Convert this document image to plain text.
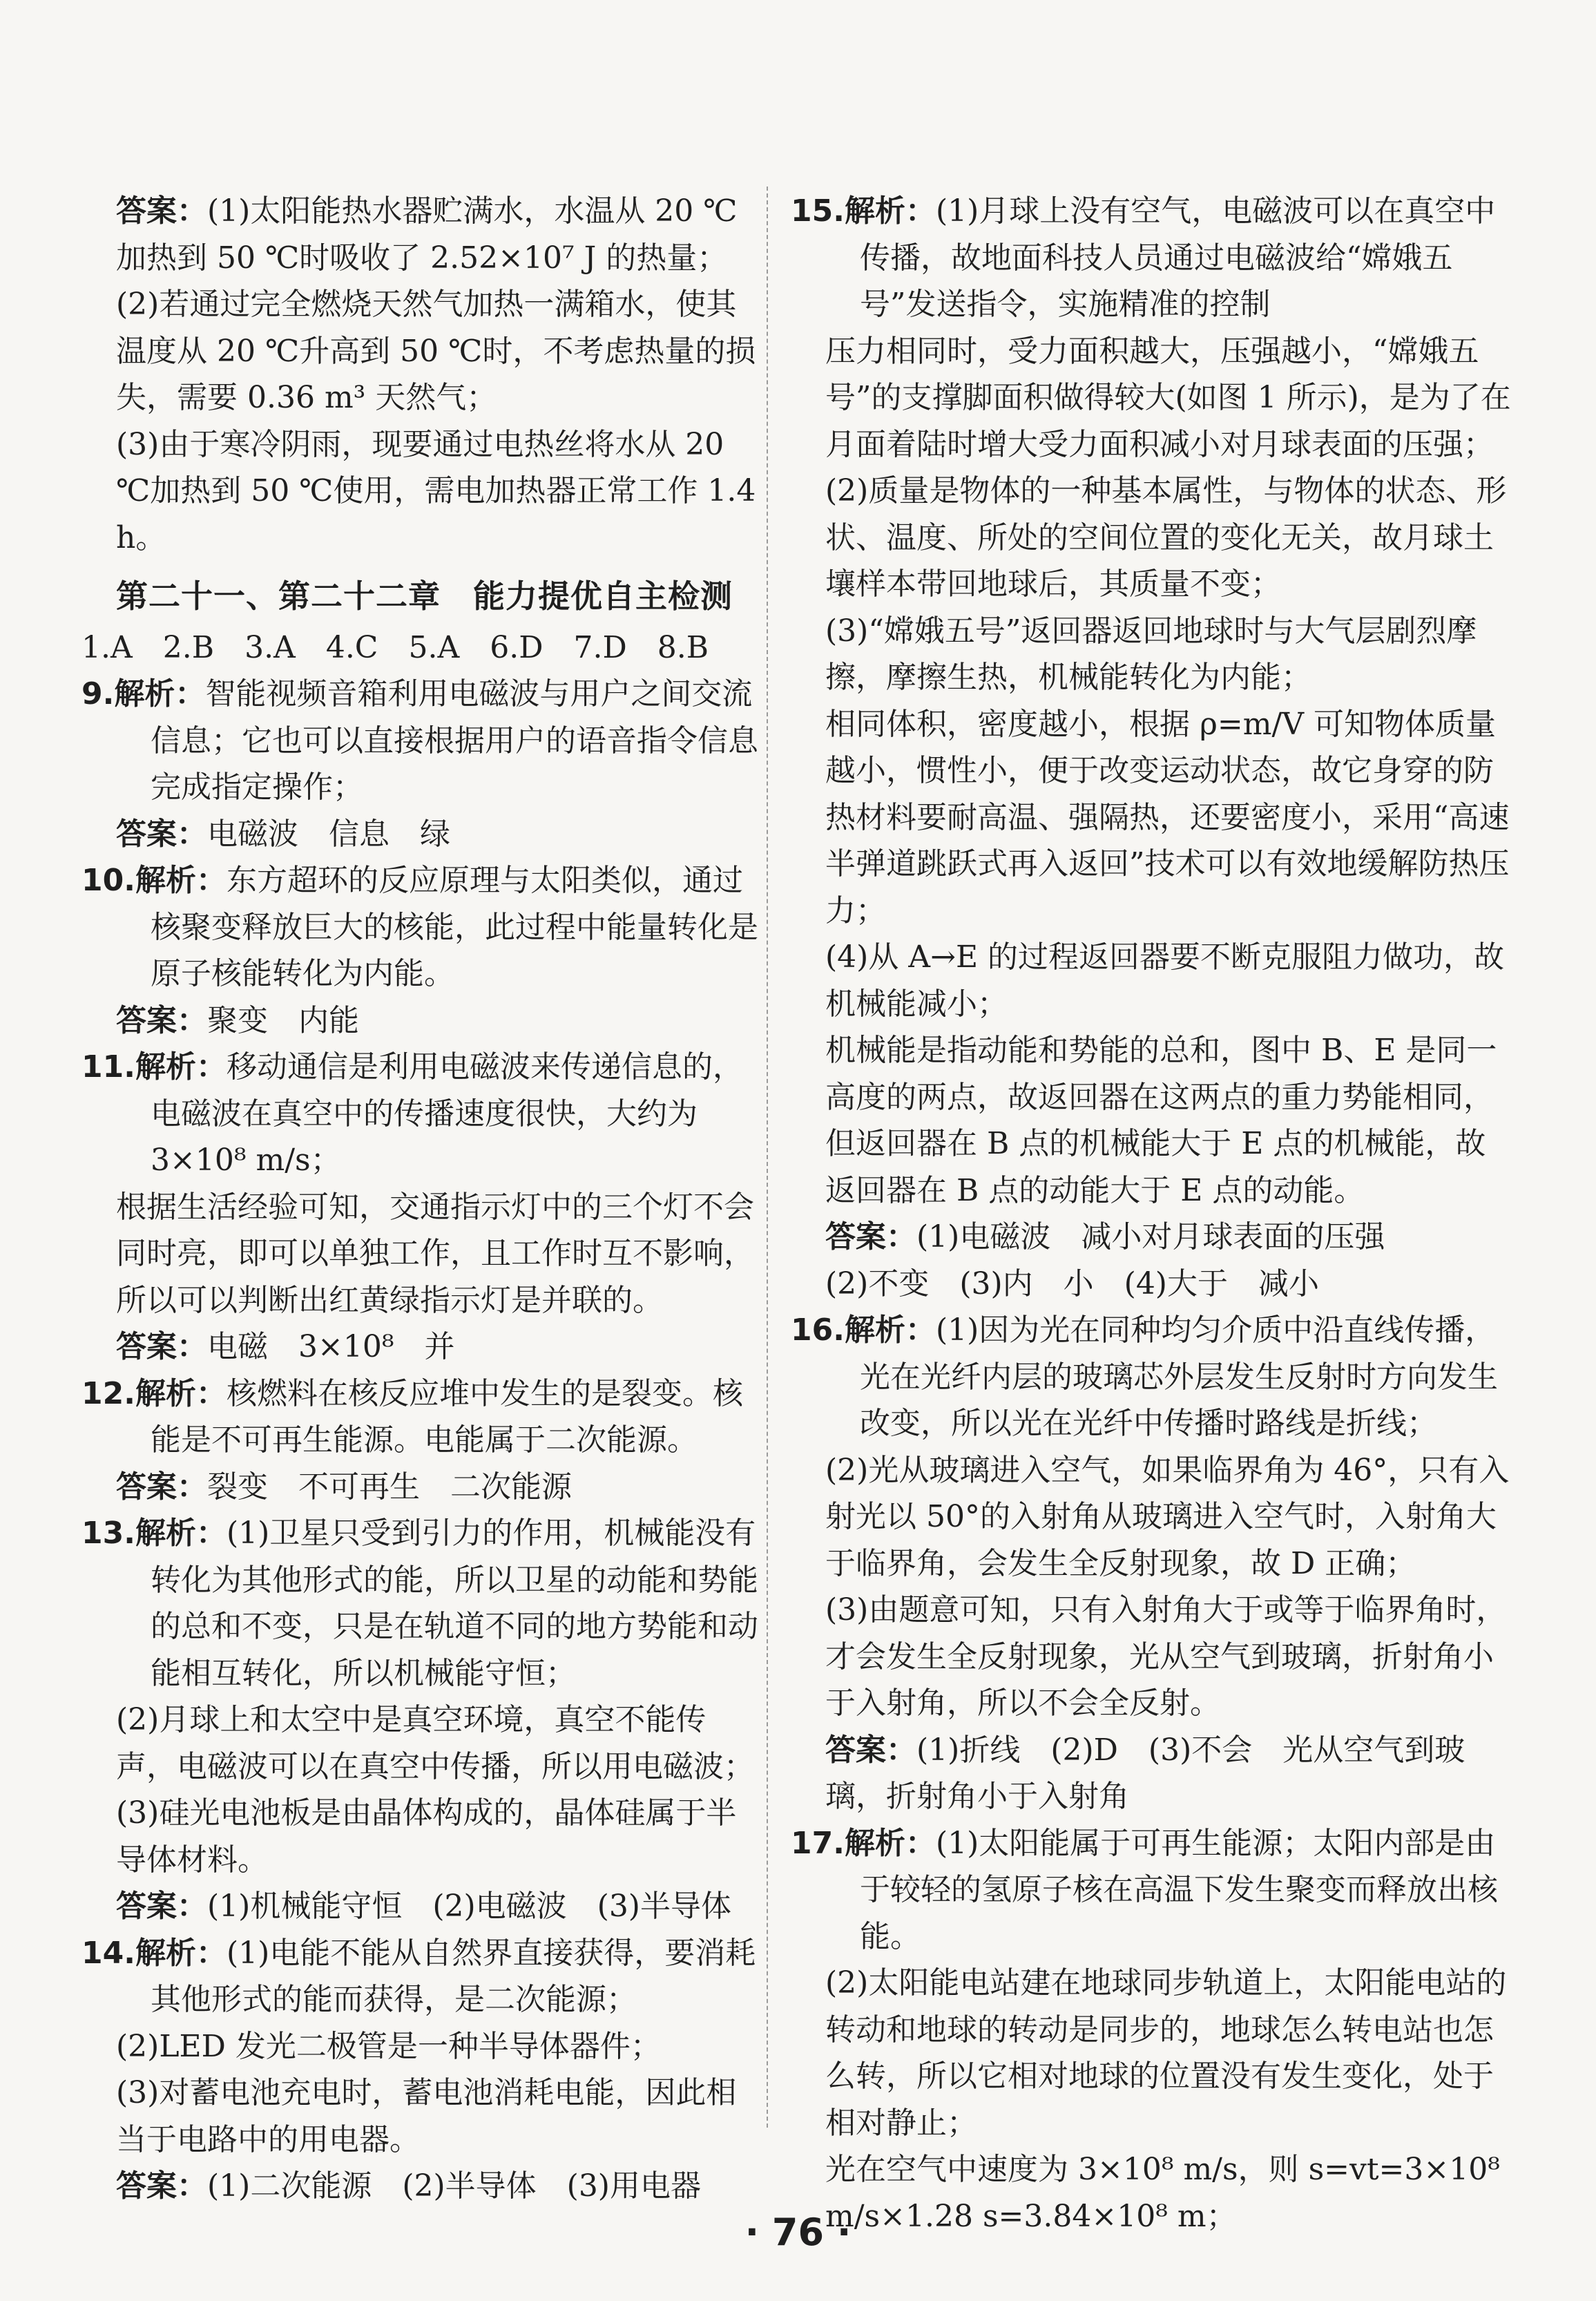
答案：(1)太阳能热水器贮满水，水温从 20 ℃加热到 50 ℃时吸收了 2.52×10⁷ J 的热量；

(2)若通过完全燃烧天然气加热一满箱水，使其温度从 20 ℃升高到 50 ℃时，不考虑热量的损失，需要 0.36 m³ 天然气；

(3)由于寒冷阴雨，现要通过电热丝将水从 20 ℃加热到 50 ℃使用，需电加热器正常工作 1.4 h。

第二十一、第二十二章　能力提优自主检测

1.A　2.B　3.A　4.C　5.A　6.D　7.D　8.B

9.解析：智能视频音箱利用电磁波与用户之间交流信息；它也可以直接根据用户的语音指令信息完成指定操作；

答案：电磁波　信息　绿

10.解析：东方超环的反应原理与太阳类似，通过核聚变释放巨大的核能，此过程中能量转化是原子核能转化为内能。

答案：聚变　内能

11.解析：移动通信是利用电磁波来传递信息的，电磁波在真空中的传播速度很快，大约为 3×10⁸ m/s；

根据生活经验可知，交通指示灯中的三个灯不会同时亮，即可以单独工作，且工作时互不影响，所以可以判断出红黄绿指示灯是并联的。

答案：电磁　3×10⁸　并

12.解析：核燃料在核反应堆中发生的是裂变。核能是不可再生能源。电能属于二次能源。

答案：裂变　不可再生　二次能源

13.解析：(1)卫星只受到引力的作用，机械能没有转化为其他形式的能，所以卫星的动能和势能的总和不变，只是在轨道不同的地方势能和动能相互转化，所以机械能守恒；

(2)月球上和太空中是真空环境，真空不能传声，电磁波可以在真空中传播，所以用电磁波；

(3)硅光电池板是由晶体构成的，晶体硅属于半导体材料。

答案：(1)机械能守恒　(2)电磁波　(3)半导体

14.解析：(1)电能不能从自然界直接获得，要消耗其他形式的能而获得，是二次能源；

(2)LED 发光二极管是一种半导体器件；

(3)对蓄电池充电时，蓄电池消耗电能，因此相当于电路中的用电器。

答案：(1)二次能源　(2)半导体　(3)用电器

15.解析：(1)月球上没有空气，电磁波可以在真空中传播，故地面科技人员通过电磁波给“嫦娥五号”发送指令，实施精准的控制

压力相同时，受力面积越大，压强越小，“嫦娥五号”的支撑脚面积做得较大(如图 1 所示)，是为了在月面着陆时增大受力面积减小对月球表面的压强；

(2)质量是物体的一种基本属性，与物体的状态、形状、温度、所处的空间位置的变化无关，故月球土壤样本带回地球后，其质量不变；

(3)“嫦娥五号”返回器返回地球时与大气层剧烈摩擦，摩擦生热，机械能转化为内能；

相同体积，密度越小，根据 ρ=m/V 可知物体质量越小，惯性小，便于改变运动状态，故它身穿的防热材料要耐高温、强隔热，还要密度小，采用“高速半弹道跳跃式再入返回”技术可以有效地缓解防热压力；

(4)从 A→E 的过程返回器要不断克服阻力做功，故机械能减小；

机械能是指动能和势能的总和，图中 B、E 是同一高度的两点，故返回器在这两点的重力势能相同，但返回器在 B 点的机械能大于 E 点的机械能，故返回器在 B 点的动能大于 E 点的动能。

答案：(1)电磁波　减小对月球表面的压强

(2)不变　(3)内　小　(4)大于　减小

16.解析：(1)因为光在同种均匀介质中沿直线传播，光在光纤内层的玻璃芯外层发生反射时方向发生改变，所以光在光纤中传播时路线是折线；

(2)光从玻璃进入空气，如果临界角为 46°，只有入射光以 50°的入射角从玻璃进入空气时，入射角大于临界角，会发生全反射现象，故 D 正确；

(3)由题意可知，只有入射角大于或等于临界角时，才会发生全反射现象，光从空气到玻璃，折射角小于入射角，所以不会全反射。

答案：(1)折线　(2)D　(3)不会　光从空气到玻璃，折射角小于入射角

17.解析：(1)太阳能属于可再生能源；太阳内部是由于较轻的氢原子核在高温下发生聚变而释放出核能。

(2)太阳能电站建在地球同步轨道上，太阳能电站的转动和地球的转动是同步的，地球怎么转电站也怎么转，所以它相对地球的位置没有发生变化，处于相对静止；

光在空气中速度为 3×10⁸ m/s，则 s=vt=3×10⁸ m/s×1.28 s=3.84×10⁸ m；

· 76 ·
